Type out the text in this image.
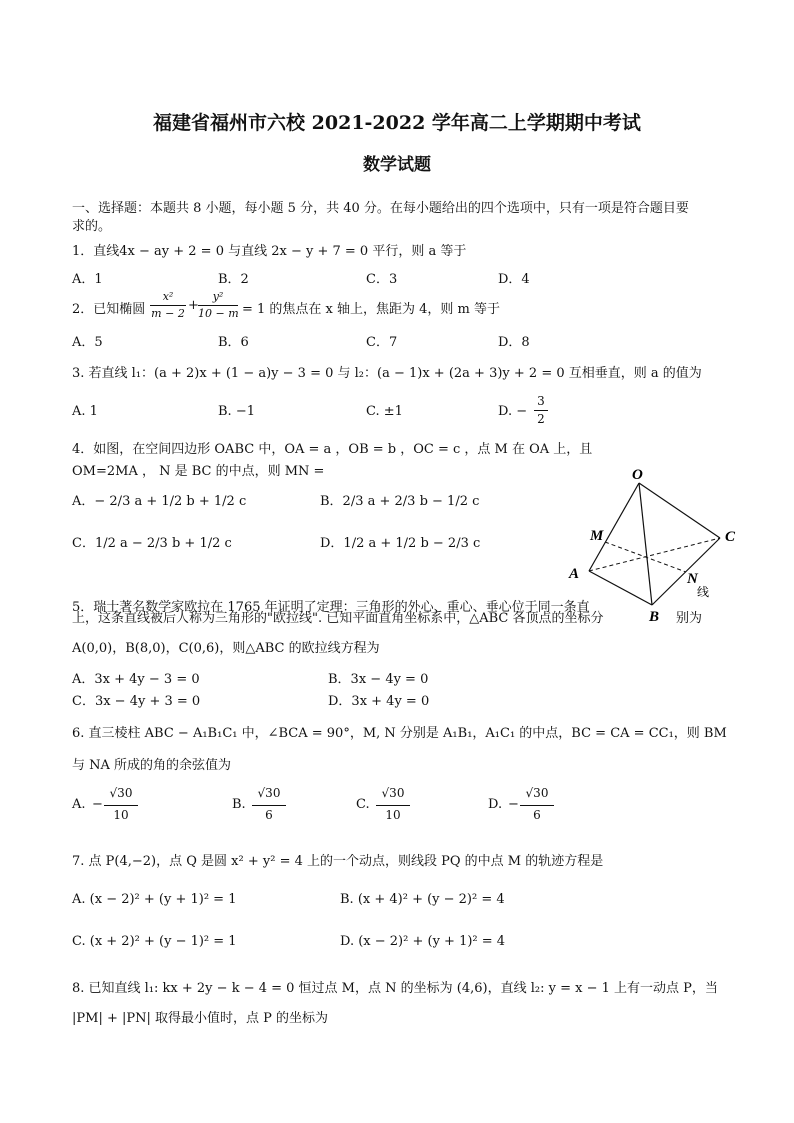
福建省福州市六校 2021-2022 学年高二上学期期中考试
数学试题
一、选择题：本题共 8 小题，每小题 5 分，共 40 分。在每小题给出的四个选项中，只有一项是符合题目要
求的。
1．直线4x − ay + 2 = 0 与直线 2x − y + 7 = 0 平行，则 a 等于
A．1	B．2	C．3	D．4
2．已知椭圆
x²
m − 2
+
y²
10 − m = 1 的焦点在 x 轴上，焦距为 4，则 m 等于
A．5	B．6	C．7	D．8
3. 若直线 l₁：(a + 2)x + (1 − a)y − 3 = 0 与 l₂：(a − 1)x + (2a + 3)y + 2 = 0 互相垂直，则 a 的值为
A. 1	B. −1	C. ±1	D. −
3
2
4．如图，在空间四边形 OABC 中，OA = a ，OB = b ，OC = c ，点 M 在 OA 上，且
OM=2MA ， N 是 BC 的中点，则 MN =
A．− 2/3 a + 1/2 b + 1/2 c	B．2/3 a + 2/3 b − 1/2 c
C．1/2 a − 2/3 b + 1/2 c	D．1/2 a + 1/2 b − 2/3 c
O
M
A
B
C
N
线
5．瑞士著名数学家欧拉在 1765 年证明了定理：三角形的外心、重心、垂心位于同一条直
上，这条直线被后人称为三角形的"欧拉线". 已知平面直角坐标系中，△ABC 各顶点的坐标分	别为
A(0,0)，B(8,0)，C(0,6)，则△ABC 的欧拉线方程为
A．3x + 4y − 3 = 0	B．3x − 4y = 0
C．3x − 4y + 3 = 0	D．3x + 4y = 0
6. 直三棱柱 ABC − A₁B₁C₁ 中，∠BCA = 90°，M, N 分别是 A₁B₁，A₁C₁ 的中点，BC = CA = CC₁，则 BM
与 NA 所成的角的余弦值为
A. −
√30
10
B.
√30
6
C.
√30
10
D. −
√30
6
7. 点 P(4,−2)，点 Q 是圆 x² + y² = 4 上的一个动点，则线段 PQ 的中点 M 的轨迹方程是
A. (x − 2)² + (y + 1)² = 1	B. (x + 4)² + (y − 2)² = 4
C. (x + 2)² + (y − 1)² = 1	D. (x − 2)² + (y + 1)² = 4
8. 已知直线 l₁: kx + 2y − k − 4 = 0 恒过点 M，点 N 的坐标为 (4,6)，直线 l₂: y = x − 1 上有一动点 P，当
|PM| + |PN| 取得最小值时，点 P 的坐标为
